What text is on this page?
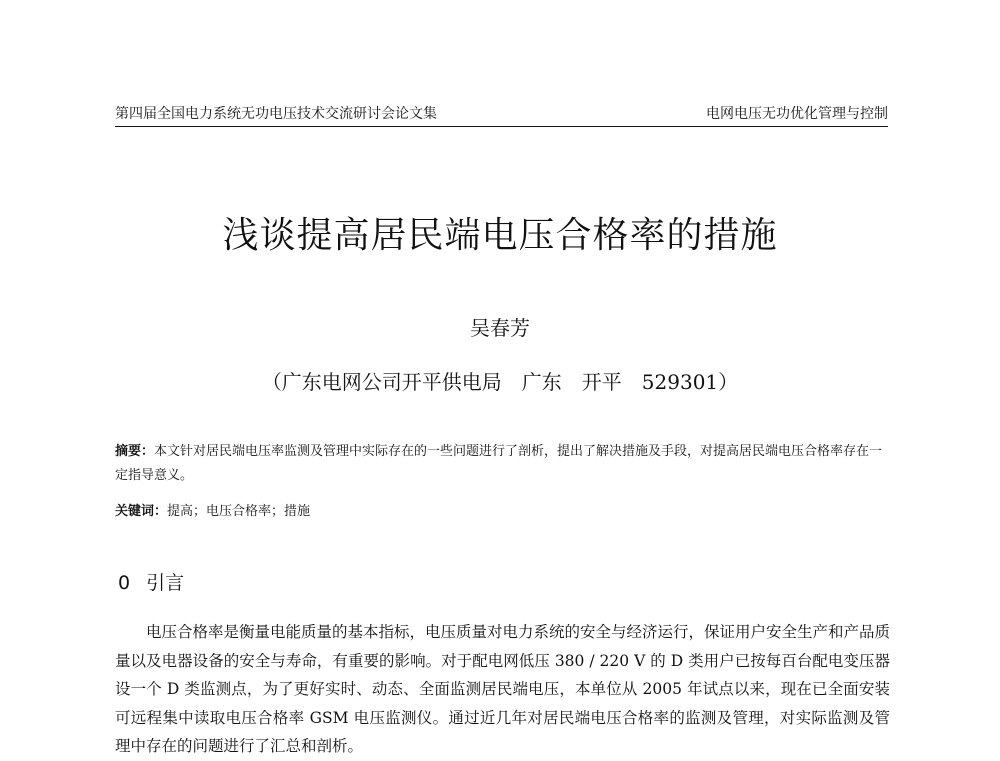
第四届全国电力系统无功电压技术交流研讨会论文集	电网电压无功优化管理与控制
浅谈提高居民端电压合格率的措施
吴春芳
（广东电网公司开平供电局　广东　开平　529301）
摘要：本文针对居民端电压率监测及管理中实际存在的一些问题进行了剖析，提出了解决措施及手段，对提高居民端电压合格率存在一定指导意义。
关键词：提高；电压合格率；措施
0 引言
电压合格率是衡量电能质量的基本指标，电压质量对电力系统的安全与经济运行，保证用户安全生产和产品质量以及电器设备的安全与寿命，有重要的影响。对于配电网低压 380 / 220 V 的 D 类用户已按每百台配电变压器设一个 D 类监测点，为了更好实时、动态、全面监测居民端电压，本单位从 2005 年试点以来，现在已全面安装可远程集中读取电压合格率 GSM 电压监测仪。通过近几年对居民端电压合格率的监测及管理，对实际监测及管理中存在的问题进行了汇总和剖析。
